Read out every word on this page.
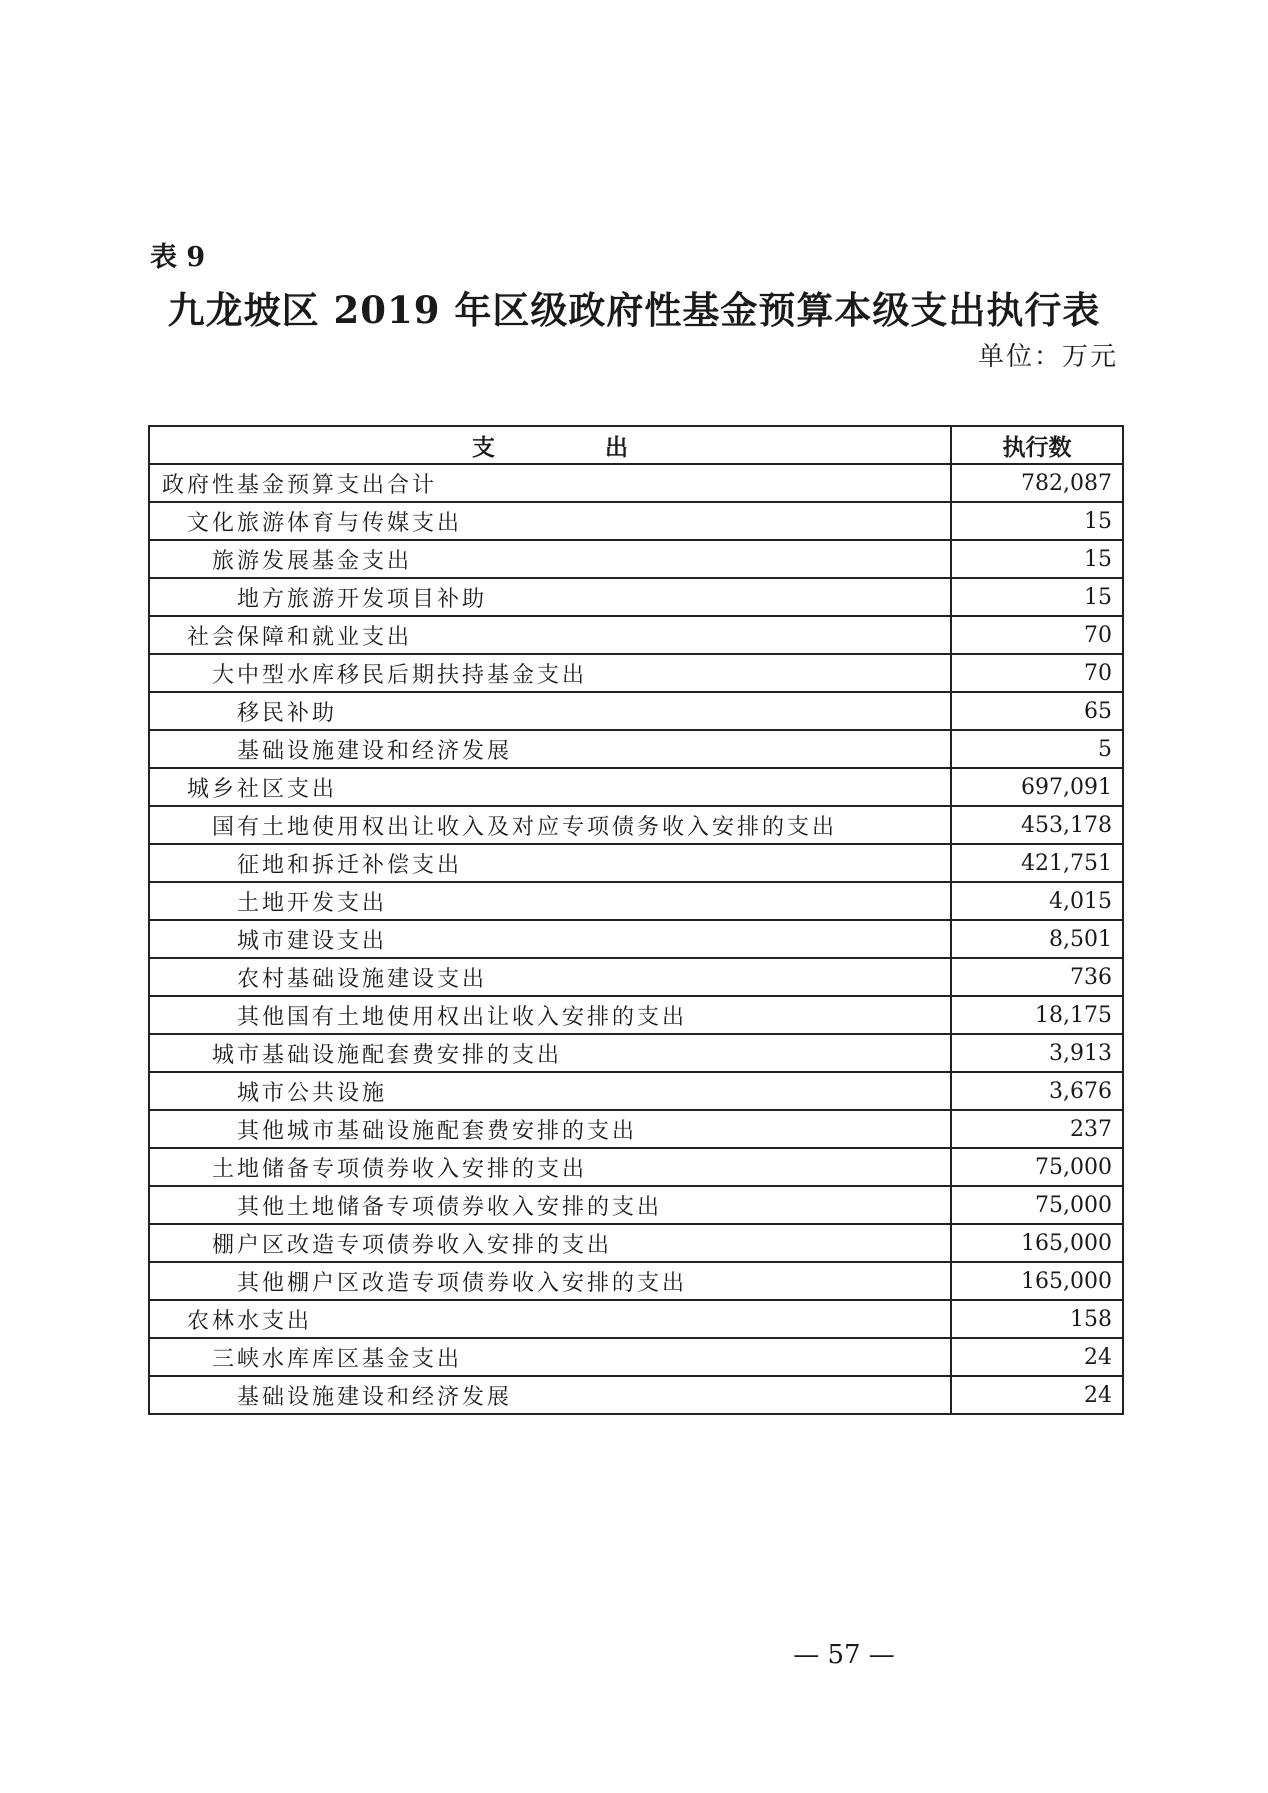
表 9
九龙坡区 2019 年区级政府性基金预算本级支出执行表
单位：万元
支 出	执行数
政府性基金预算支出合计	782,087
文化旅游体育与传媒支出	15
旅游发展基金支出	15
地方旅游开发项目补助	15
社会保障和就业支出	70
大中型水库移民后期扶持基金支出	70
移民补助	65
基础设施建设和经济发展	5
城乡社区支出	697,091
国有土地使用权出让收入及对应专项债务收入安排的支出	453,178
征地和拆迁补偿支出	421,751
土地开发支出	4,015
城市建设支出	8,501
农村基础设施建设支出	736
其他国有土地使用权出让收入安排的支出	18,175
城市基础设施配套费安排的支出	3,913
城市公共设施	3,676
其他城市基础设施配套费安排的支出	237
土地储备专项债券收入安排的支出	75,000
其他土地储备专项债券收入安排的支出	75,000
棚户区改造专项债券收入安排的支出	165,000
其他棚户区改造专项债券收入安排的支出	165,000
农林水支出	158
三峡水库库区基金支出	24
基础设施建设和经济发展	24
— 57 —
